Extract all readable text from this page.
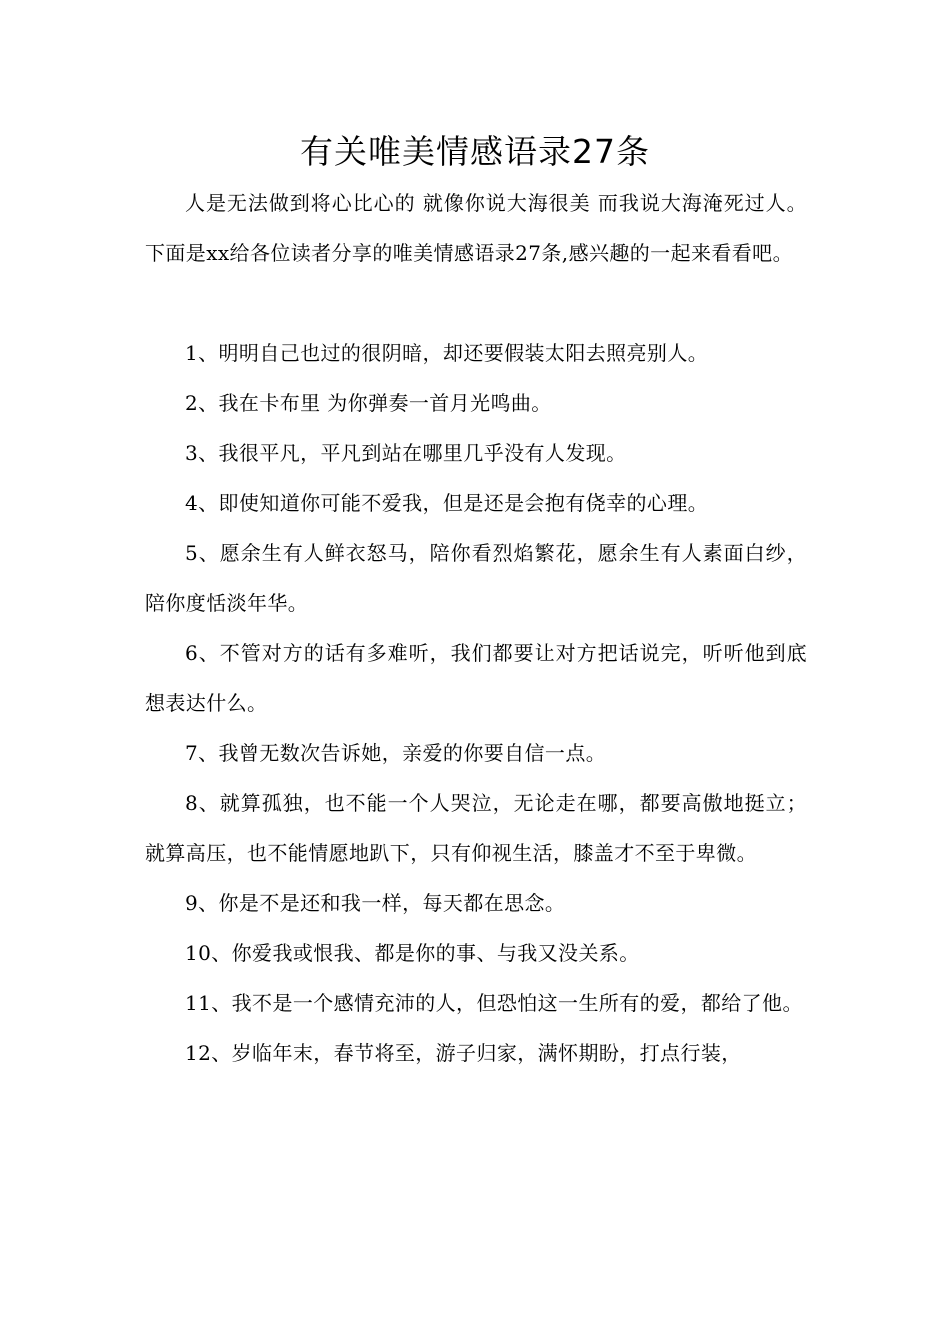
有关唯美情感语录27条

人是无法做到将心比心的 就像你说大海很美 而我说大海淹死过人。下面是xx给各位读者分享的唯美情感语录27条,感兴趣的一起来看看吧。

1、明明自己也过的很阴暗，却还要假装太阳去照亮别人。

2、我在卡布里 为你弹奏一首月光鸣曲。

3、我很平凡，平凡到站在哪里几乎没有人发现。

4、即使知道你可能不爱我，但是还是会抱有侥幸的心理。

5、愿余生有人鲜衣怒马，陪你看烈焰繁花，愿余生有人素面白纱，陪你度恬淡年华。

6、不管对方的话有多难听，我们都要让对方把话说完，听听他到底想表达什么。

7、我曾无数次告诉她，亲爱的你要自信一点。

8、就算孤独，也不能一个人哭泣，无论走在哪，都要高傲地挺立；就算高压，也不能情愿地趴下，只有仰视生活，膝盖才不至于卑微。

9、你是不是还和我一样，每天都在思念。

10、你爱我或恨我、都是你的事、与我又没关系。

11、我不是一个感情充沛的人，但恐怕这一生所有的爱，都给了他。

12、岁临年末，春节将至，游子归家，满怀期盼，打点行装，
